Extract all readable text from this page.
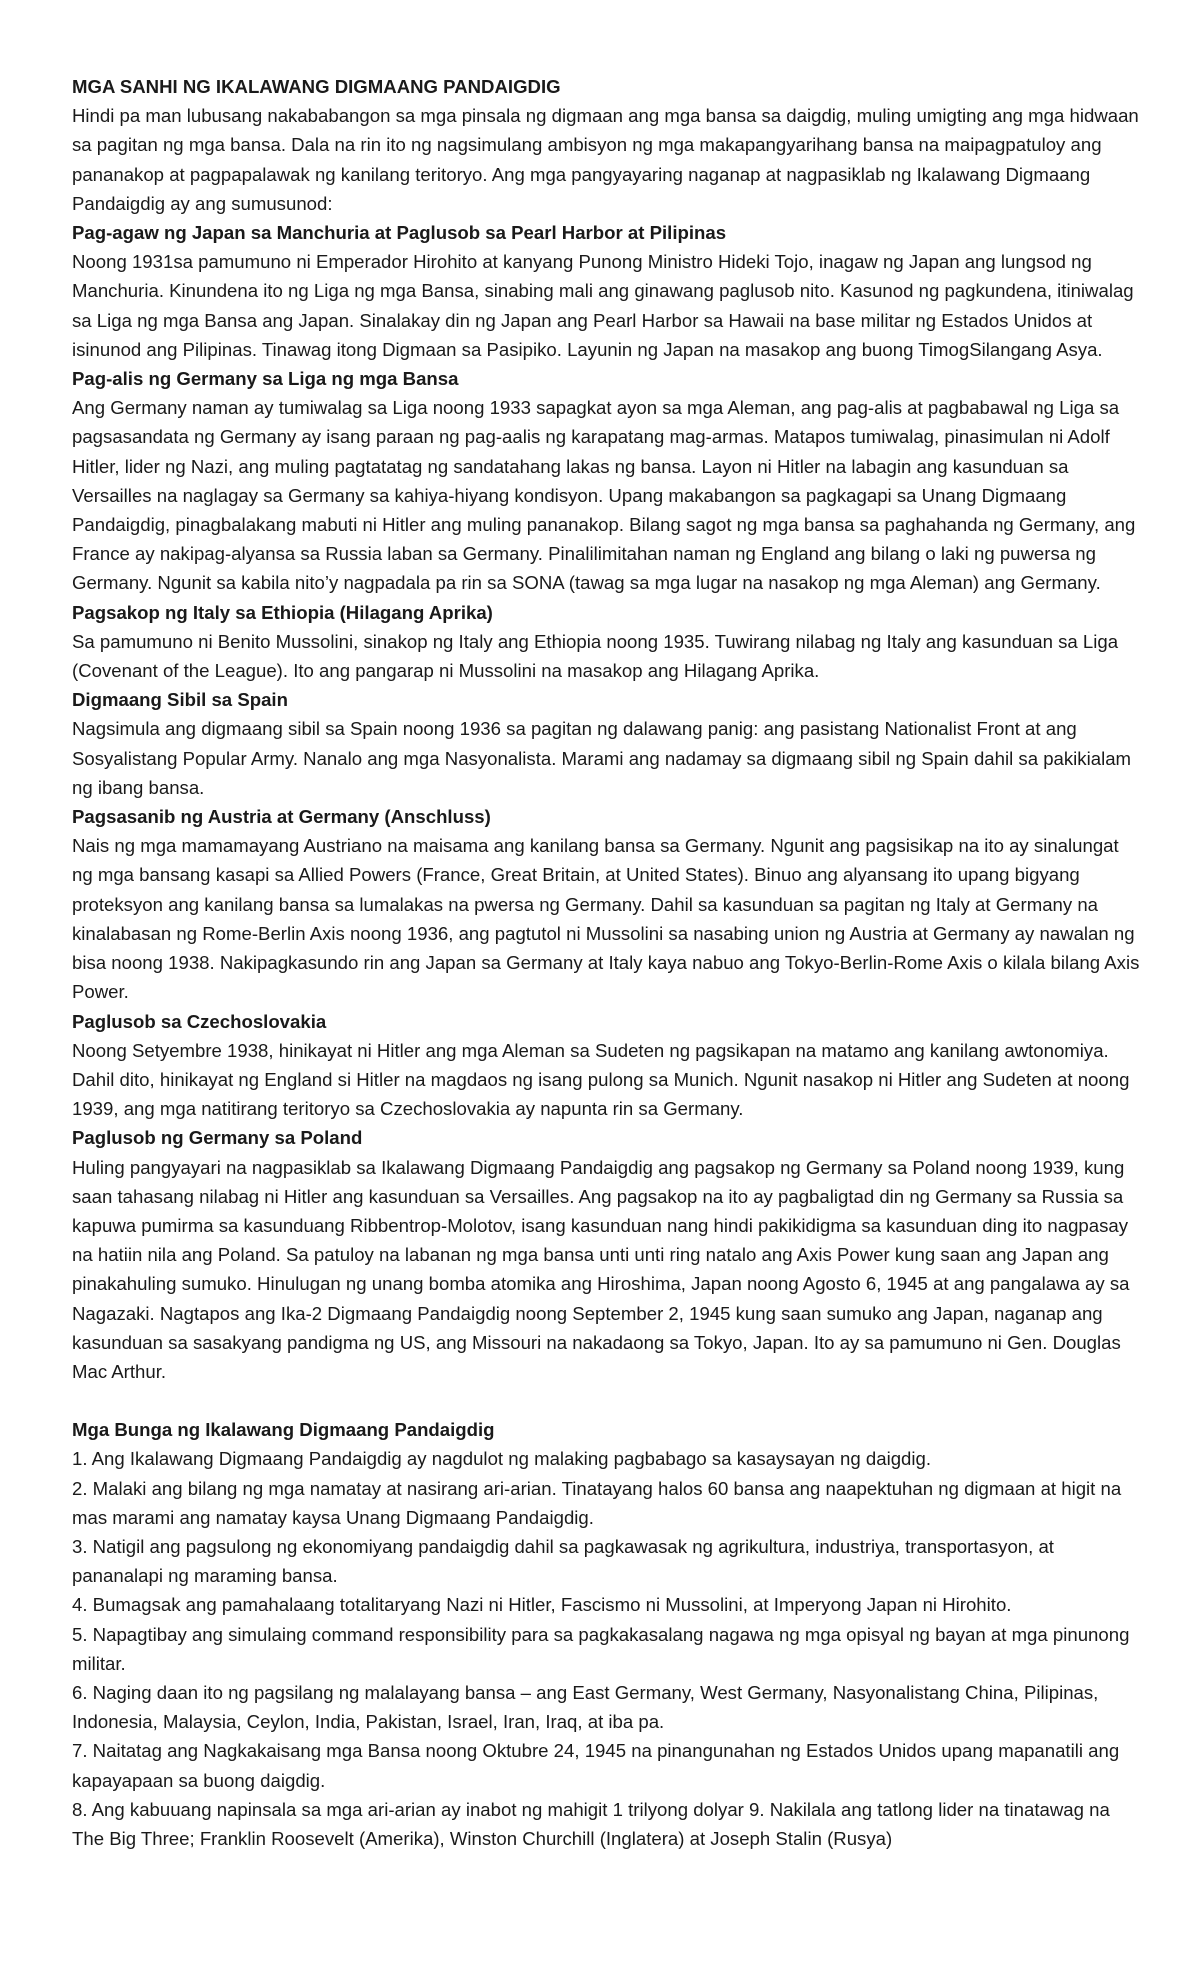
MGA SANHI NG IKALAWANG DIGMAANG PANDAIGDIG

Hindi pa man lubusang nakababangon sa mga pinsala ng digmaan ang mga bansa sa daigdig, muling umigting ang mga hidwaan sa pagitan ng mga bansa. Dala na rin ito ng nagsimulang ambisyon ng mga makapangyarihang bansa na maipagpatuloy ang pananakop at pagpapalawak ng kanilang teritoryo. Ang mga pangyayaring naganap at nagpasiklab ng Ikalawang Digmaang Pandaigdig ay ang sumusunod:

Pag-agaw ng Japan sa Manchuria at Paglusob sa Pearl Harbor at Pilipinas

Noong 1931sa pamumuno ni Emperador Hirohito at kanyang Punong Ministro Hideki Tojo, inagaw ng Japan ang lungsod ng Manchuria. Kinundena ito ng Liga ng mga Bansa, sinabing mali ang ginawang paglusob nito. Kasunod ng pagkundena, itiniwalag sa Liga ng mga Bansa ang Japan. Sinalakay din ng Japan ang Pearl Harbor sa Hawaii na base militar ng Estados Unidos at isinunod ang Pilipinas. Tinawag itong Digmaan sa Pasipiko. Layunin ng Japan na masakop ang buong TimogSilangang Asya.

Pag-alis ng Germany sa Liga ng mga Bansa

Ang Germany naman ay tumiwalag sa Liga noong 1933 sapagkat ayon sa mga Aleman, ang pag-alis at pagbabawal ng Liga sa pagsasandata ng Germany ay isang paraan ng pag-aalis ng karapatang mag-armas. Matapos tumiwalag, pinasimulan ni Adolf Hitler, lider ng Nazi, ang muling pagtatatag ng sandatahang lakas ng bansa. Layon ni Hitler na labagin ang kasunduan sa Versailles na naglagay sa Germany sa kahiya-hiyang kondisyon. Upang makabangon sa pagkagapi sa Unang Digmaang Pandaigdig, pinagbalakang mabuti ni Hitler ang muling pananakop. Bilang sagot ng mga bansa sa paghahanda ng Germany, ang France ay nakipag-alyansa sa Russia laban sa Germany. Pinalilimitahan naman ng England ang bilang o laki ng puwersa ng Germany. Ngunit sa kabila nito’y nagpadala pa rin sa SONA (tawag sa mga lugar na nasakop ng mga Aleman) ang Germany.

Pagsakop ng Italy sa Ethiopia (Hilagang Aprika)

Sa pamumuno ni Benito Mussolini, sinakop ng Italy ang Ethiopia noong 1935. Tuwirang nilabag ng Italy ang kasunduan sa Liga (Covenant of the League). Ito ang pangarap ni Mussolini na masakop ang Hilagang Aprika.

Digmaang Sibil sa Spain

Nagsimula ang digmaang sibil sa Spain noong 1936 sa pagitan ng dalawang panig: ang pasistang Nationalist Front at ang Sosyalistang Popular Army. Nanalo ang mga Nasyonalista. Marami ang nadamay sa digmaang sibil ng Spain dahil sa pakikialam ng ibang bansa.

Pagsasanib ng Austria at Germany (Anschluss)

Nais ng mga mamamayang Austriano na maisama ang kanilang bansa sa Germany. Ngunit ang pagsisikap na ito ay sinalungat ng mga bansang kasapi sa Allied Powers (France, Great Britain, at United States). Binuo ang alyansang ito upang bigyang proteksyon ang kanilang bansa sa lumalakas na pwersa ng Germany. Dahil sa kasunduan sa pagitan ng Italy at Germany na kinalabasan ng Rome-Berlin Axis noong 1936, ang pagtutol ni Mussolini sa nasabing union ng Austria at Germany ay nawalan ng bisa noong 1938. Nakipagkasundo rin ang Japan sa Germany at Italy kaya nabuo ang Tokyo-Berlin-Rome Axis o kilala bilang Axis Power.

Paglusob sa Czechoslovakia

Noong Setyembre 1938, hinikayat ni Hitler ang mga Aleman sa Sudeten ng pagsikapan na matamo ang kanilang awtonomiya. Dahil dito, hinikayat ng England si Hitler na magdaos ng isang pulong sa Munich. Ngunit nasakop ni Hitler ang Sudeten at noong 1939, ang mga natitirang teritoryo sa Czechoslovakia ay napunta rin sa Germany.

Paglusob ng Germany sa Poland

Huling pangyayari na nagpasiklab sa Ikalawang Digmaang Pandaigdig ang pagsakop ng Germany sa Poland noong 1939, kung saan tahasang nilabag ni Hitler ang kasunduan sa Versailles. Ang pagsakop na ito ay pagbaligtad din ng Germany sa Russia sa kapuwa pumirma sa kasunduang Ribbentrop-Molotov, isang kasunduan nang hindi pakikidigma sa kasunduan ding ito nagpasay na hatiin nila ang Poland. Sa patuloy na labanan ng mga bansa unti unti ring natalo ang Axis Power kung saan ang Japan ang pinakahuling sumuko. Hinulugan ng unang bomba atomika ang Hiroshima, Japan noong Agosto 6, 1945 at ang pangalawa ay sa Nagazaki. Nagtapos ang Ika-2 Digmaang Pandaigdig noong September 2, 1945 kung saan sumuko ang Japan, naganap ang kasunduan sa sasakyang pandigma ng US, ang Missouri na nakadaong sa Tokyo, Japan. Ito ay sa pamumuno ni Gen. Douglas Mac Arthur.

Mga Bunga ng Ikalawang Digmaang Pandaigdig

1. Ang Ikalawang Digmaang Pandaigdig ay nagdulot ng malaking pagbabago sa kasaysayan ng daigdig.

2. Malaki ang bilang ng mga namatay at nasirang ari-arian. Tinatayang halos 60 bansa ang naapektuhan ng digmaan at higit na mas marami ang namatay kaysa Unang Digmaang Pandaigdig.

3. Natigil ang pagsulong ng ekonomiyang pandaigdig dahil sa pagkawasak ng agrikultura, industriya, transportasyon, at pananalapi ng maraming bansa.

4. Bumagsak ang pamahalaang totalitaryang Nazi ni Hitler, Fascismo ni Mussolini, at Imperyong Japan ni Hirohito.

5. Napagtibay ang simulaing command responsibility para sa pagkakasalang nagawa ng mga opisyal ng bayan at mga pinunong militar.

6. Naging daan ito ng pagsilang ng malalayang bansa – ang East Germany, West Germany, Nasyonalistang China, Pilipinas, Indonesia, Malaysia, Ceylon, India, Pakistan, Israel, Iran, Iraq, at iba pa.

7. Naitatag ang Nagkakaisang mga Bansa noong Oktubre 24, 1945 na pinangunahan ng Estados Unidos upang mapanatili ang kapayapaan sa buong daigdig.

8. Ang kabuuang napinsala sa mga ari-arian ay inabot ng mahigit 1 trilyong dolyar 9. Nakilala ang tatlong lider na tinatawag na The Big Three; Franklin Roosevelt (Amerika), Winston Churchill (Inglatera) at Joseph Stalin (Rusya)
